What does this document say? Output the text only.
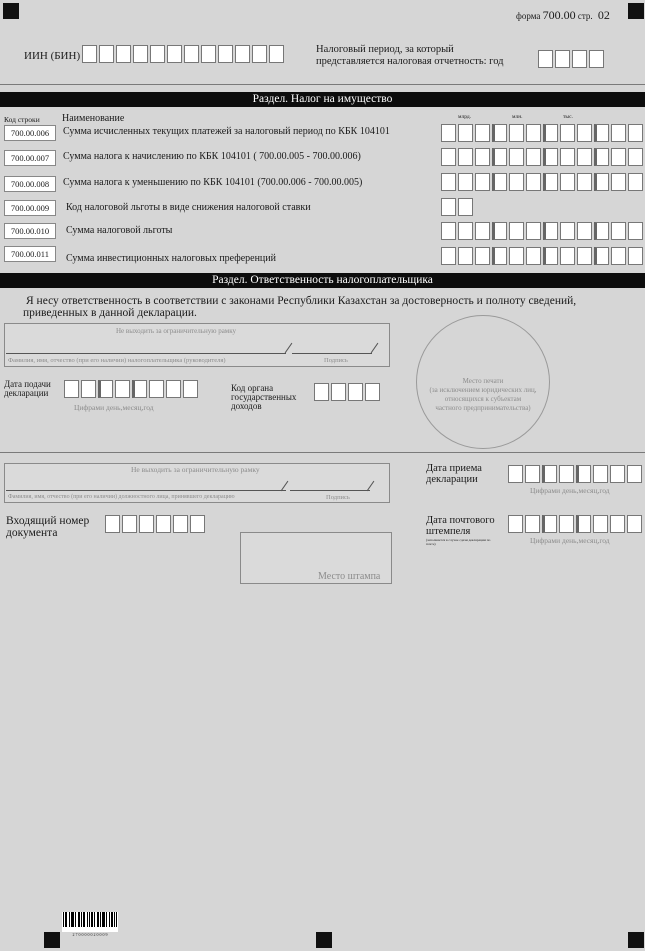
форма 700.00 стр. 02
ИИН (БИН)
Налоговый период, за который
представляется налоговая отчетность: год
Раздел. Налог на имущество
Код строки Наименование	млрд.	млн.	тыс.
700.00.006	Сумма исчисленных текущих платежей за налоговый период по КБК 104101
700.00.007	Сумма налога к начислению по КБК 104101 ( 700.00.005 - 700.00.006)
700.00.008	Сумма налога к уменьшению по КБК 104101 (700.00.006 - 700.00.005)
700.00.009	Код налоговой льготы в виде снижения налоговой ставки
700.00.010	Сумма налоговой льготы
700.00.011	Сумма инвестиционных налоговых преференций
Раздел. Ответственность налогоплательщика
Я несу ответственность в соответствии с законами Республики Казахстан за достоверность и полноту сведений,
приведенных в данной декларации.
Не выходить за ограничительную рамку
Фамилия, имя, отчество (при его наличии) налогоплательщика (руководителя)	Подпись
Дата подачи
декларации
Цифрами день,месяц,год
Код органа
государственных
доходов
Место печати
(за исключением юридических лиц,
относящихся к субъектам
частного предпринимательства)
Не выходить за ограничительную рамку
Фамилия, имя, отчество (при его наличии) должностного лица, принявшего декларацию	Подпись
Дата приема
декларации
Цифрами день,месяц,год
Входящий номер
документа
Дата почтового
штемпеля
(заполняется в случае сдачи декларации по почте)	Цифрами день,месяц,год
Место штампа
2 7 0 0 0 0 0 2 0 0 0 9
